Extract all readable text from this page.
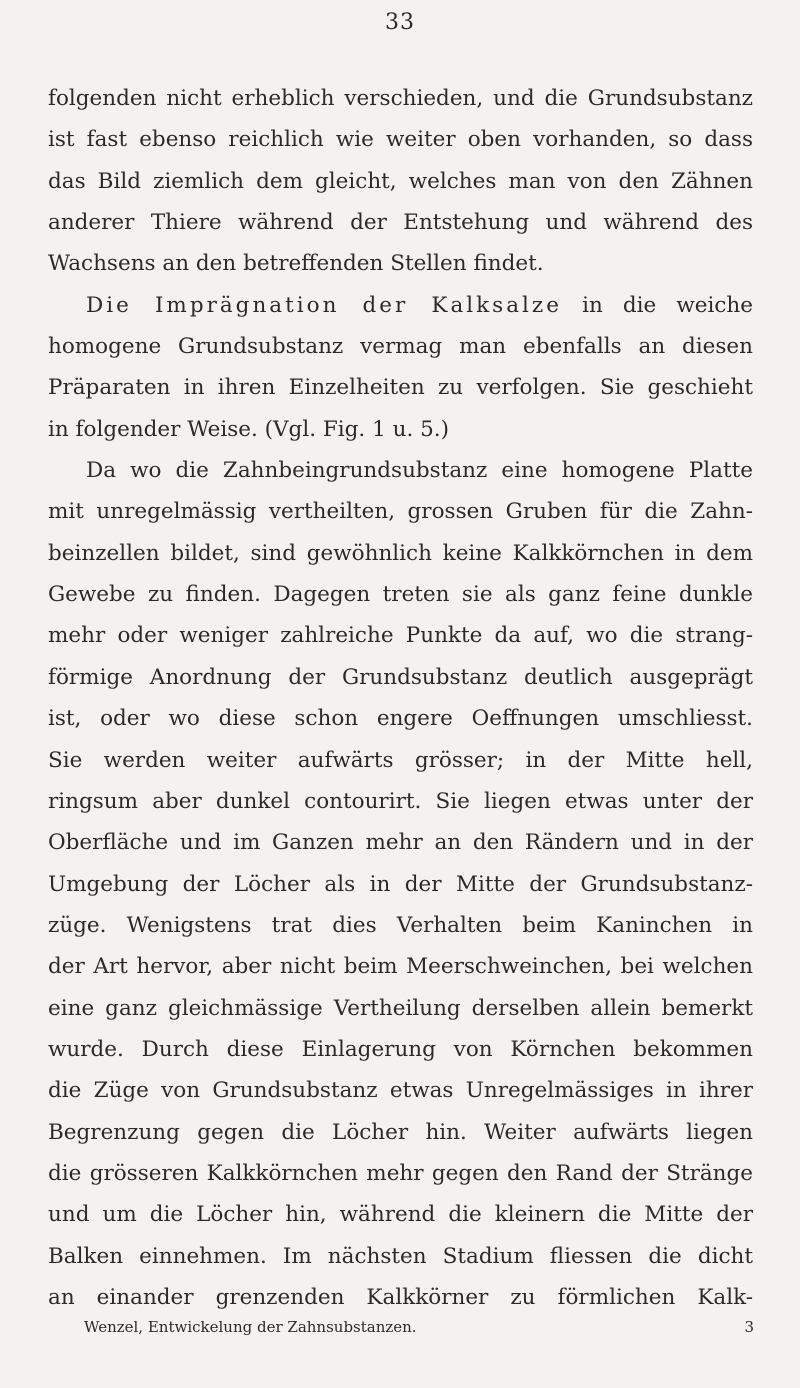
33
folgenden nicht erheblich verschieden, und die Grundsubstanz
ist fast ebenso reichlich wie weiter oben vorhanden, so dass
das Bild ziemlich dem gleicht, welches man von den Zähnen
anderer Thiere während der Entstehung und während des
Wachsens an den betreffenden Stellen findet.
Die Imprägnation der Kalksalze in die weiche
homogene Grundsubstanz vermag man ebenfalls an diesen
Präparaten in ihren Einzelheiten zu verfolgen. Sie geschieht
in folgender Weise. (Vgl. Fig. 1 u. 5.)
Da wo die Zahnbeingrundsubstanz eine homogene Platte
mit unregelmässig vertheilten, grossen Gruben für die Zahn-
beinzellen bildet, sind gewöhnlich keine Kalkkörnchen in dem
Gewebe zu finden. Dagegen treten sie als ganz feine dunkle
mehr oder weniger zahlreiche Punkte da auf, wo die strang-
förmige Anordnung der Grundsubstanz deutlich ausgeprägt
ist, oder wo diese schon engere Oeffnungen umschliesst.
Sie werden weiter aufwärts grösser; in der Mitte hell,
ringsum aber dunkel contourirt. Sie liegen etwas unter der
Oberfläche und im Ganzen mehr an den Rändern und in der
Umgebung der Löcher als in der Mitte der Grundsubstanz-
züge. Wenigstens trat dies Verhalten beim Kaninchen in
der Art hervor, aber nicht beim Meerschweinchen, bei welchen
eine ganz gleichmässige Vertheilung derselben allein bemerkt
wurde. Durch diese Einlagerung von Körnchen bekommen
die Züge von Grundsubstanz etwas Unregelmässiges in ihrer
Begrenzung gegen die Löcher hin. Weiter aufwärts liegen
die grösseren Kalkkörnchen mehr gegen den Rand der Stränge
und um die Löcher hin, während die kleinern die Mitte der
Balken einnehmen. Im nächsten Stadium fliessen die dicht
an einander grenzenden Kalkkörner zu förmlichen Kalk-
Wenzel, Entwickelung der Zahnsubstanzen.	3
